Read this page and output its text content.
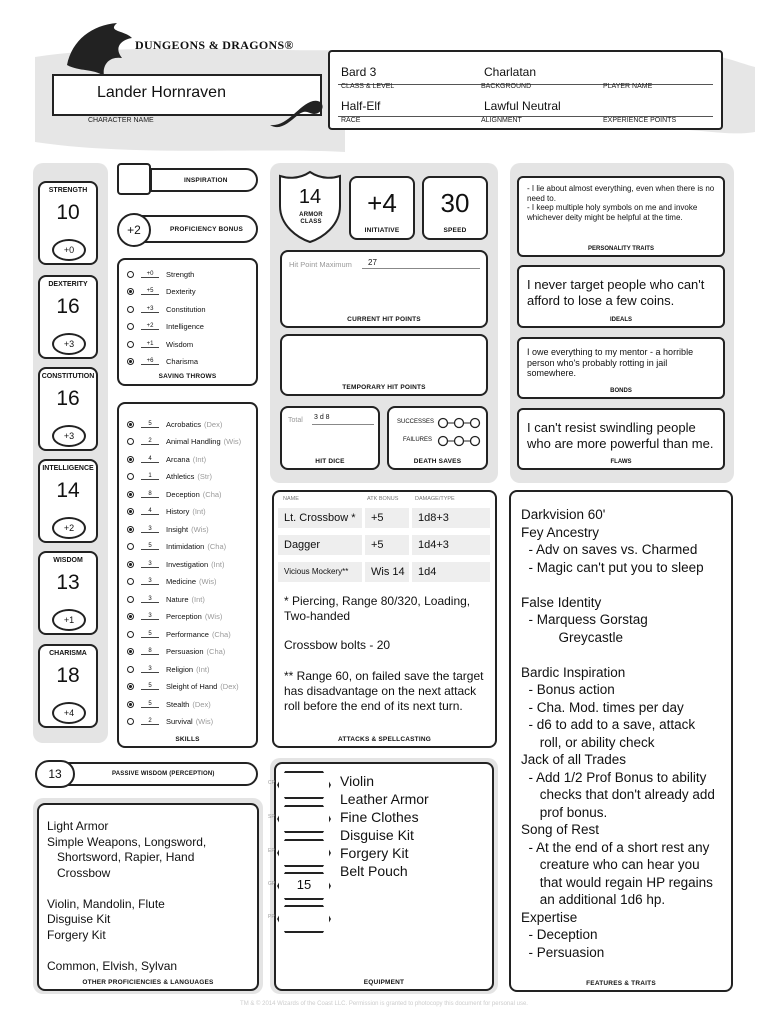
DUNGEONS & DRAGONS®
Lander Hornraven
CHARACTER NAME
Bard 3
CLASS & LEVEL
Charlatan
BACKGROUND	PLAYER NAME
Half-Elf
RACE
Lawful Neutral
ALIGNMENT	EXPERIENCE POINTS
STRENGTH
10
+0
DEXTERITY
16
+3
CONSTITUTION
16
+3
INTELLIGENCE
14
+2
WISDOM
13
+1
CHARISMA
18
+4
INSPIRATION
PROFICIENCY BONUS
+2
+0	Strength
+5	Dexterity
+3	Constitution
+2	Intelligence
+1	Wisdom
+6	Charisma
SAVING THROWS
5	Acrobatics (Dex)
2	Animal Handling (Wis)
4	Arcana (Int)
1	Athletics (Str)
8	Deception (Cha)
4	History (Int)
3	Insight (Wis)
5	Intimidation (Cha)
3	Investigation (Int)
3	Medicine (Wis)
3	Nature (Int)
3	Perception (Wis)
5	Performance (Cha)
8	Persuasion (Cha)
3	Religion (Int)
5	Sleight of Hand (Dex)
5	Stealth (Dex)
2	Survival (Wis)
SKILLS
PASSIVE WISDOM (PERCEPTION)
13
Light Armor
Simple Weapons, Longsword,
Shortsword, Rapier, Hand
Crossbow

Violin, Mandolin, Flute
Disguise Kit
Forgery Kit

Common, Elvish, Sylvan
OTHER PROFICIENCIES & LANGUAGES
14
ARMOR CLASS
+4
INITIATIVE
30
SPEED
Hit Point Maximum 27
CURRENT HIT POINTS
TEMPORARY HIT POINTS
Total 3 d 8
HIT DICE
SUCCESSES
FAILURES
DEATH SAVES
NAME	ATK BONUS	DAMAGE/TYPE
Lt. Crossbow *	+5	1d8+3
Dagger	+5	1d4+3
Vicious Mockery**	Wis 14	1d4
* Piercing, Range 80/320, Loading, Two-handed
Crossbow bolts - 20
** Range 60, on failed save the target has disadvantage on the next attack roll before the end of its next turn.
ATTACKS & SPELLCASTING
EQUIPMENT
CP
SP
EP
GP	15
PP
Violin
Leather Armor
Fine Clothes
Disguise Kit
Forgery Kit
Belt Pouch
- I lie about almost everything, even when there is no need to.
- I keep multiple holy symbols on me and invoke whichever deity might be helpful at the time.
PERSONALITY TRAITS
I never target people who can't afford to lose a few coins.
IDEALS
I owe everything to my mentor - a horrible person who's probably rotting in jail somewhere.
BONDS
I can't resist swindling people who are more powerful than me.
FLAWS
Darkvision 60'
Fey Ancestry
- Adv on saves vs. Charmed
- Magic can't put you to sleep

False Identity
- Marquess Gorstag
Greycastle

Bardic Inspiration
- Bonus action
- Cha. Mod. times per day
- d6 to add to a save, attack
roll, or ability check
Jack of all Trades
- Add 1/2 Prof Bonus to ability
checks that don't already add
prof bonus.
Song of Rest
- At the end of a short rest any
creature who can hear you
that would regain HP regains
an additional 1d6 hp.
Expertise
- Deception
- Persuasion
FEATURES & TRAITS
TM & © 2014 Wizards of the Coast LLC. Permission is granted to photocopy this document for personal use.
